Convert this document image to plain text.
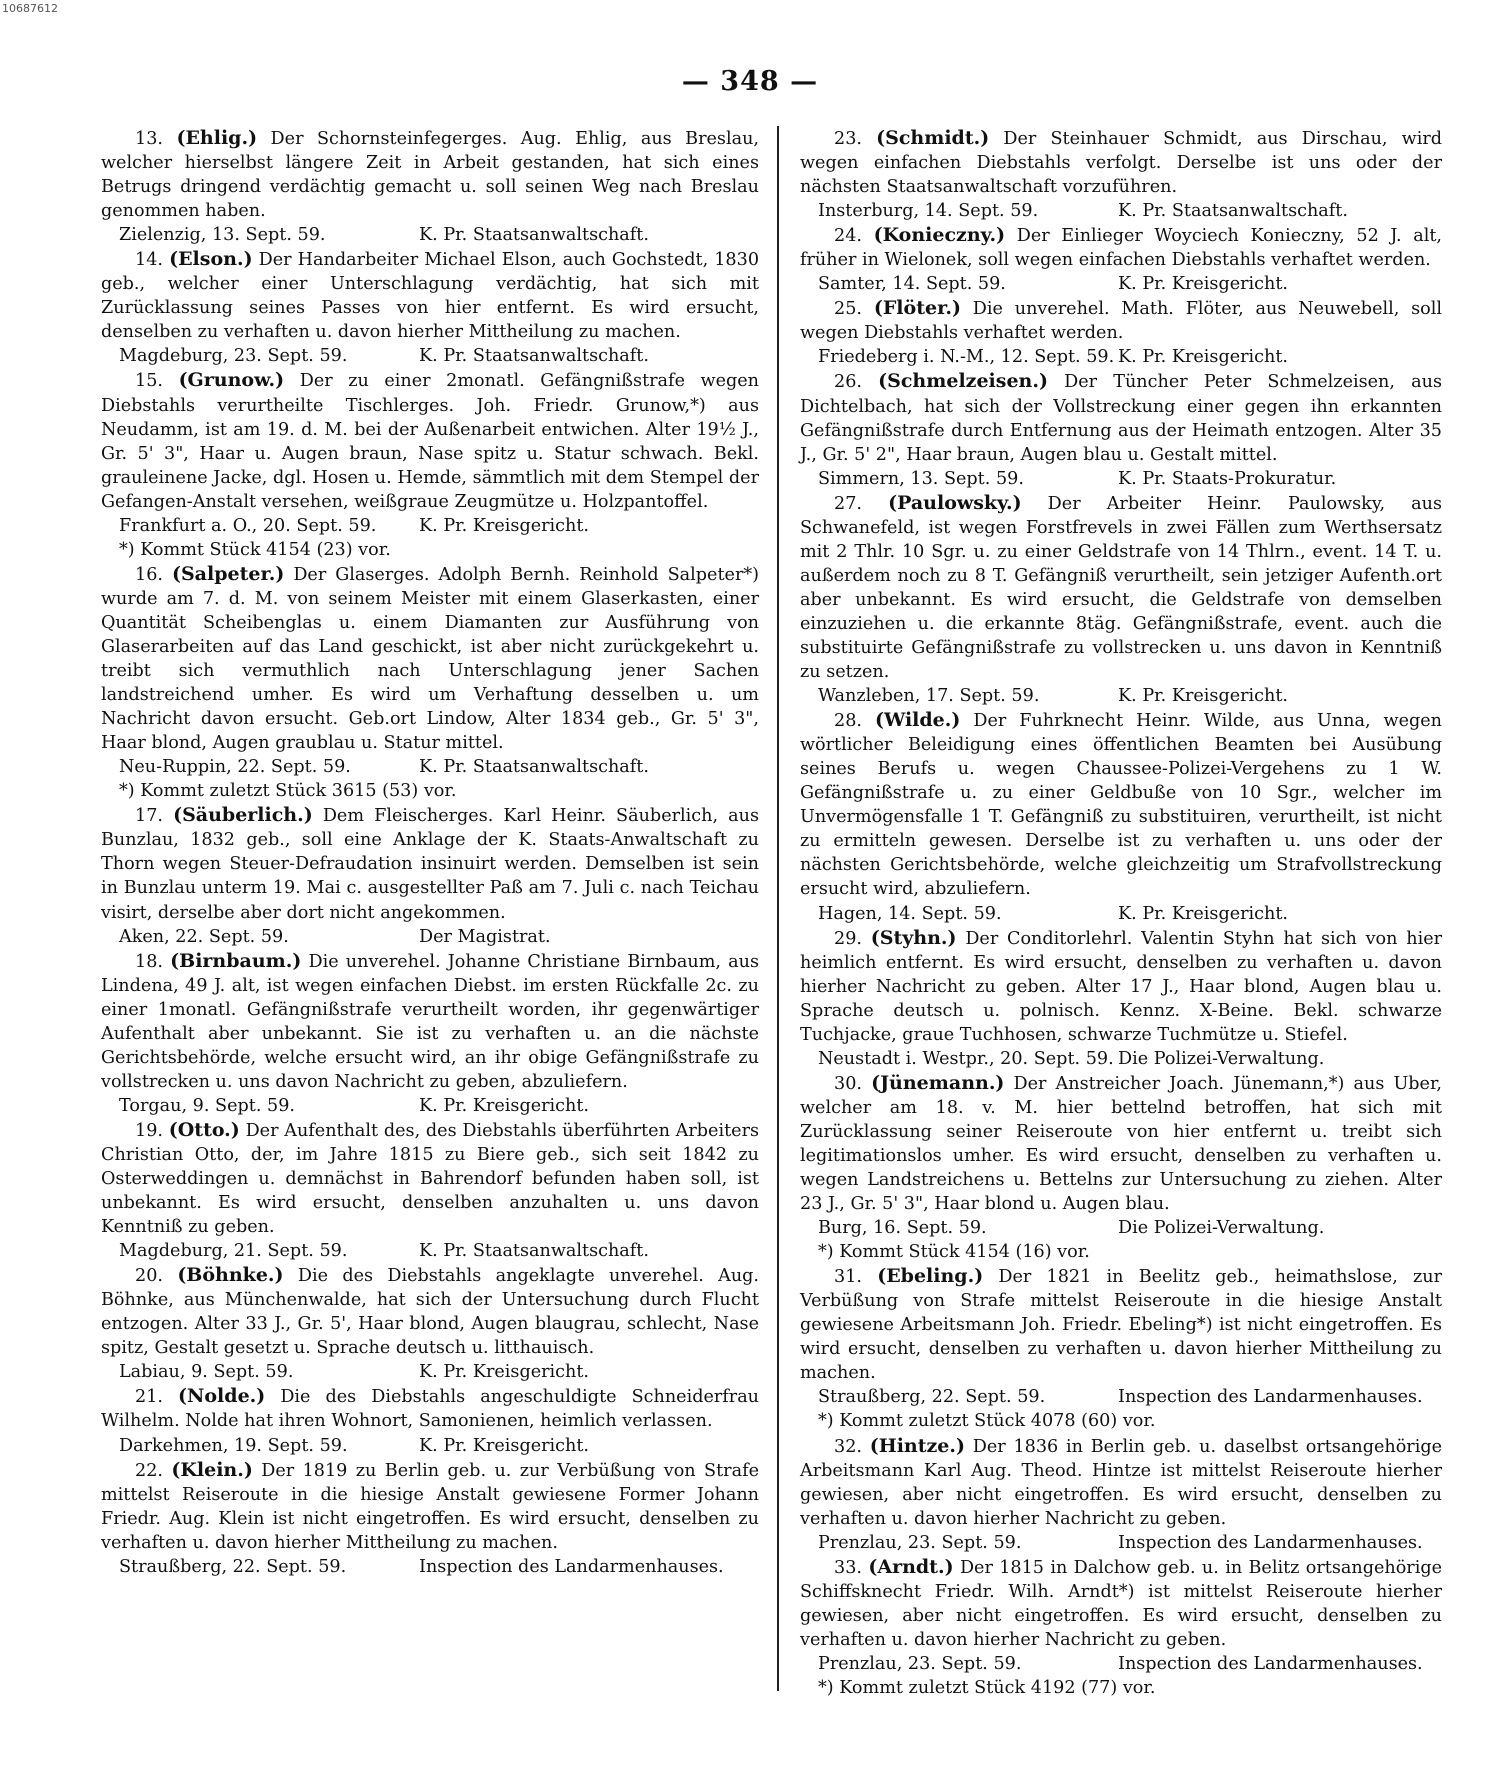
10687612
— 348 —

13. (Ehlig.) Der Schornsteinfegerges. Aug. Ehlig, aus Breslau, welcher hierselbst längere Zeit in Arbeit gestanden, hat sich eines Betrugs dringend verdächtig gemacht u. soll seinen Weg nach Breslau genommen haben.

Zielenzig, 13. Sept. 59.	K. Pr. Staatsanwaltschaft.

14. (Elson.) Der Handarbeiter Michael Elson, auch Gochstedt, 1830 geb., welcher einer Unterschlagung verdächtig, hat sich mit Zurücklassung seines Passes von hier entfernt. Es wird ersucht, denselben zu verhaften u. davon hierher Mittheilung zu machen.

Magdeburg, 23. Sept. 59.	K. Pr. Staatsanwaltschaft.

15. (Grunow.) Der zu einer 2monatl. Gefängnißstrafe wegen Diebstahls verurtheilte Tischlerges. Joh. Friedr. Grunow,*) aus Neudamm, ist am 19. d. M. bei der Außenarbeit entwichen. Alter 19½ J., Gr. 5' 3", Haar u. Augen braun, Nase spitz u. Statur schwach. Bekl. grauleinene Jacke, dgl. Hosen u. Hemde, sämmtlich mit dem Stempel der Gefangen-Anstalt versehen, weißgraue Zeugmütze u. Holzpantoffel.

Frankfurt a. O., 20. Sept. 59. K. Pr. Kreisgericht.

*) Kommt Stück 4154 (23) vor.

16. (Salpeter.) Der Glaserges. Adolph Bernh. Reinhold Salpeter*) wurde am 7. d. M. von seinem Meister mit einem Glaserkasten, einer Quantität Scheibenglas u. einem Diamanten zur Ausführung von Glaserarbeiten auf das Land geschickt, ist aber nicht zurückgekehrt u. treibt sich vermuthlich nach Unterschlagung jener Sachen landstreichend umher. Es wird um Verhaftung desselben u. um Nachricht davon ersucht. Geb.ort Lindow, Alter 1834 geb., Gr. 5' 3", Haar blond, Augen graublau u. Statur mittel.

Neu-Ruppin, 22. Sept. 59.	K. Pr. Staatsanwaltschaft.

*) Kommt zuletzt Stück 3615 (53) vor.

17. (Säuberlich.) Dem Fleischerges. Karl Heinr. Säuberlich, aus Bunzlau, 1832 geb., soll eine Anklage der K. Staats-Anwaltschaft zu Thorn wegen Steuer-Defraudation insinuirt werden. Demselben ist sein in Bunzlau unterm 19. Mai c. ausgestellter Paß am 7. Juli c. nach Teichau visirt, derselbe aber dort nicht angekommen.

Aken, 22. Sept. 59.	Der Magistrat.

18. (Birnbaum.) Die unverehel. Johanne Christiane Birnbaum, aus Lindena, 49 J. alt, ist wegen einfachen Diebst. im ersten Rückfalle 2c. zu einer 1monatl. Gefängnißstrafe verurtheilt worden, ihr gegenwärtiger Aufenthalt aber unbekannt. Sie ist zu verhaften u. an die nächste Gerichtsbehörde, welche ersucht wird, an ihr obige Gefängnißstrafe zu vollstrecken u. uns davon Nachricht zu geben, abzuliefern.

Torgau, 9. Sept. 59.	K. Pr. Kreisgericht.

19. (Otto.) Der Aufenthalt des, des Diebstahls überführten Arbeiters Christian Otto, der, im Jahre 1815 zu Biere geb., sich seit 1842 zu Osterweddingen u. demnächst in Bahrendorf befunden haben soll, ist unbekannt. Es wird ersucht, denselben anzuhalten u. uns davon Kenntniß zu geben.

Magdeburg, 21. Sept. 59.	K. Pr. Staatsanwaltschaft.

20. (Böhnke.) Die des Diebstahls angeklagte unverehel. Aug. Böhnke, aus Münchenwalde, hat sich der Untersuchung durch Flucht entzogen. Alter 33 J., Gr. 5', Haar blond, Augen blaugrau, schlecht, Nase spitz, Gestalt gesetzt u. Sprache deutsch u. litthauisch.

Labiau, 9. Sept. 59.	K. Pr. Kreisgericht.

21. (Nolde.) Die des Diebstahls angeschuldigte Schneiderfrau Wilhelm. Nolde hat ihren Wohnort, Samonienen, heimlich verlassen.

Darkehmen, 19. Sept. 59.	K. Pr. Kreisgericht.

22. (Klein.) Der 1819 zu Berlin geb. u. zur Verbüßung von Strafe mittelst Reiseroute in die hiesige Anstalt gewiesene Former Johann Friedr. Aug. Klein ist nicht eingetroffen. Es wird ersucht, denselben zu verhaften u. davon hierher Mittheilung zu machen.

Straußberg, 22. Sept. 59.	Inspection des Landarmenhauses.

23. (Schmidt.) Der Steinhauer Schmidt, aus Dirschau, wird wegen einfachen Diebstahls verfolgt. Derselbe ist uns oder der nächsten Staatsanwaltschaft vorzuführen.

Insterburg, 14. Sept. 59.	K. Pr. Staatsanwaltschaft.

24. (Konieczny.) Der Einlieger Woyciech Konieczny, 52 J. alt, früher in Wielonek, soll wegen einfachen Diebstahls verhaftet werden.

Samter, 14. Sept. 59.	K. Pr. Kreisgericht.

25. (Flöter.) Die unverehel. Math. Flöter, aus Neuwebell, soll wegen Diebstahls verhaftet werden.

Friedeberg i. N.-M., 12. Sept. 59. K. Pr. Kreisgericht.

26. (Schmelzeisen.) Der Tüncher Peter Schmelzeisen, aus Dichtelbach, hat sich der Vollstreckung einer gegen ihn erkannten Gefängnißstrafe durch Entfernung aus der Heimath entzogen. Alter 35 J., Gr. 5' 2", Haar braun, Augen blau u. Gestalt mittel.

Simmern, 13. Sept. 59.	K. Pr. Staats-Prokuratur.

27. (Paulowsky.) Der Arbeiter Heinr. Paulowsky, aus Schwanefeld, ist wegen Forstfrevels in zwei Fällen zum Werthsersatz mit 2 Thlr. 10 Sgr. u. zu einer Geldstrafe von 14 Thlrn., event. 14 T. u. außerdem noch zu 8 T. Gefängniß verurtheilt, sein jetziger Aufenth.ort aber unbekannt. Es wird ersucht, die Geldstrafe von demselben einzuziehen u. die erkannte 8täg. Gefängnißstrafe, event. auch die substituirte Gefängnißstrafe zu vollstrecken u. uns davon in Kenntniß zu setzen.

Wanzleben, 17. Sept. 59.	K. Pr. Kreisgericht.

28. (Wilde.) Der Fuhrknecht Heinr. Wilde, aus Unna, wegen wörtlicher Beleidigung eines öffentlichen Beamten bei Ausübung seines Berufs u. wegen Chaussee-Polizei-Vergehens zu 1 W. Gefängnißstrafe u. zu einer Geldbuße von 10 Sgr., welcher im Unvermögensfalle 1 T. Gefängniß zu substituiren, verurtheilt, ist nicht zu ermitteln gewesen. Derselbe ist zu verhaften u. uns oder der nächsten Gerichtsbehörde, welche gleichzeitig um Strafvollstreckung ersucht wird, abzuliefern.

Hagen, 14. Sept. 59.	K. Pr. Kreisgericht.

29. (Styhn.) Der Conditorlehrl. Valentin Styhn hat sich von hier heimlich entfernt. Es wird ersucht, denselben zu verhaften u. davon hierher Nachricht zu geben. Alter 17 J., Haar blond, Augen blau u. Sprache deutsch u. polnisch. Kennz. X-Beine. Bekl. schwarze Tuchjacke, graue Tuchhosen, schwarze Tuchmütze u. Stiefel.

Neustadt i. Westpr., 20. Sept. 59. Die Polizei-Verwaltung.

30. (Jünemann.) Der Anstreicher Joach. Jünemann,*) aus Uber, welcher am 18. v. M. hier bettelnd betroffen, hat sich mit Zurücklassung seiner Reiseroute von hier entfernt u. treibt sich legitimationslos umher. Es wird ersucht, denselben zu verhaften u. wegen Landstreichens u. Bettelns zur Untersuchung zu ziehen. Alter 23 J., Gr. 5' 3", Haar blond u. Augen blau.

Burg, 16. Sept. 59.	Die Polizei-Verwaltung.

*) Kommt Stück 4154 (16) vor.

31. (Ebeling.) Der 1821 in Beelitz geb., heimathslose, zur Verbüßung von Strafe mittelst Reiseroute in die hiesige Anstalt gewiesene Arbeitsmann Joh. Friedr. Ebeling*) ist nicht eingetroffen. Es wird ersucht, denselben zu verhaften u. davon hierher Mittheilung zu machen.

Straußberg, 22. Sept. 59.	Inspection des Landarmenhauses.

*) Kommt zuletzt Stück 4078 (60) vor.

32. (Hintze.) Der 1836 in Berlin geb. u. daselbst ortsangehörige Arbeitsmann Karl Aug. Theod. Hintze ist mittelst Reiseroute hierher gewiesen, aber nicht eingetroffen. Es wird ersucht, denselben zu verhaften u. davon hierher Nachricht zu geben.

Prenzlau, 23. Sept. 59.	Inspection des Landarmenhauses.

33. (Arndt.) Der 1815 in Dalchow geb. u. in Belitz ortsangehörige Schiffsknecht Friedr. Wilh. Arndt*) ist mittelst Reiseroute hierher gewiesen, aber nicht eingetroffen. Es wird ersucht, denselben zu verhaften u. davon hierher Nachricht zu geben.

Prenzlau, 23. Sept. 59.	Inspection des Landarmenhauses.

*) Kommt zuletzt Stück 4192 (77) vor.
